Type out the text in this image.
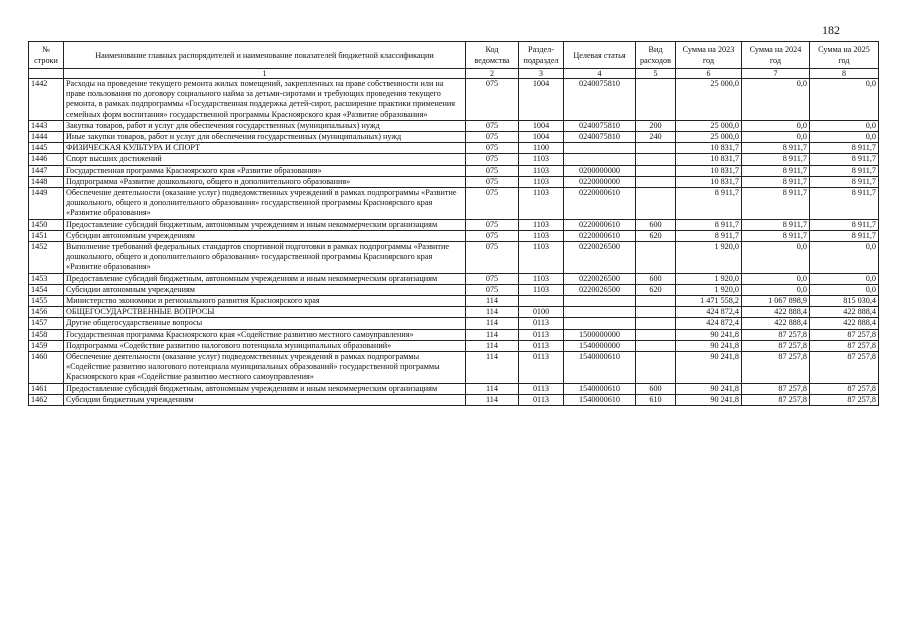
182
№ строки	Наименование главных распорядителей и наименование показателей бюджетной классификации	Код ведомства	Раздел-подраздел	Целевая статья	Вид расходов	Сумма на 2023 год	Сумма на 2024 год	Сумма на 2025 год
	1	2	3	4	5	6	7	8
1442	Расходы на проведение текущего ремонта жилых помещений, закрепленных на праве собственности или на праве пользования по договору социального найма за детьми-сиротами и требующих проведения текущего ремонта, в рамках подпрограммы «Государственная поддержка детей-сирот, расширение практики применения семейных форм воспитания» государственной программы Красноярского края «Развитие образования»	075	1004	0240075810		25 000,0	0,0	0,0
1443	Закупка товаров, работ и услуг для обеспечения государственных (муниципальных) нужд	075	1004	0240075810	200	25 000,0	0,0	0,0
1444	Иные закупки товаров, работ и услуг для обеспечения государственных (муниципальных) нужд	075	1004	0240075810	240	25 000,0	0,0	0,0
1445	ФИЗИЧЕСКАЯ КУЛЬТУРА И СПОРТ	075	1100			10 831,7	8 911,7	8 911,7
1446	Спорт высших достижений	075	1103			10 831,7	8 911,7	8 911,7
1447	Государственная программа Красноярского края «Развитие образования»	075	1103	0200000000		10 831,7	8 911,7	8 911,7
1448	Подпрограмма «Развитие дошкольного, общего и дополнительного образования»	075	1103	0220000000		10 831,7	8 911,7	8 911,7
1449	Обеспечение деятельности (оказание услуг) подведомственных учреждений в рамках подпрограммы «Развитие дошкольного, общего и дополнительного образования» государственной программы Красноярского края «Развитие образования»	075	1103	0220000610		8 911,7	8 911,7	8 911,7
1450	Предоставление субсидий бюджетным, автономным учреждениям и иным некоммерческим организациям	075	1103	0220000610	600	8 911,7	8 911,7	8 911,7
1451	Субсидии автономным учреждениям	075	1103	0220000610	620	8 911,7	8 911,7	8 911,7
1452	Выполнение требований федеральных стандартов спортивной подготовки в рамках подпрограммы «Развитие дошкольного, общего и дополнительного образования» государственной программы Красноярского края «Развитие образования»	075	1103	0220026500		1 920,0	0,0	0,0
1453	Предоставление субсидий бюджетным, автономным учреждениям и иным некоммерческим организациям	075	1103	0220026500	600	1 920,0	0,0	0,0
1454	Субсидии автономным учреждениям	075	1103	0220026500	620	1 920,0	0,0	0,0
1455	Министерство экономики и регионального развития Красноярского края	114				1 471 558,2	1 067 898,9	815 030,4
1456	ОБЩЕГОСУДАРСТВЕННЫЕ ВОПРОСЫ	114	0100			424 872,4	422 888,4	422 888,4
1457	Другие общегосударственные вопросы	114	0113			424 872,4	422 888,4	422 888,4
1458	Государственная программа Красноярского края «Содействие развитию местного самоуправления»	114	0113	1500000000		90 241,8	87 257,8	87 257,8
1459	Подпрограмма «Содействие развитию налогового потенциала муниципальных образований»	114	0113	1540000000		90 241,8	87 257,8	87 257,8
1460	Обеспечение деятельности (оказание услуг) подведомственных учреждений в рамках подпрограммы «Содействие развитию налогового потенциала муниципальных образований» государственной программы Красноярского края «Содействие развитию местного самоуправления»	114	0113	1540000610		90 241,8	87 257,8	87 257,8
1461	Предоставление субсидий бюджетным, автономным учреждениям и иным некоммерческим организациям	114	0113	1540000610	600	90 241,8	87 257,8	87 257,8
1462	Субсидии бюджетным учреждениям	114	0113	1540000610	610	90 241,8	87 257,8	87 257,8
